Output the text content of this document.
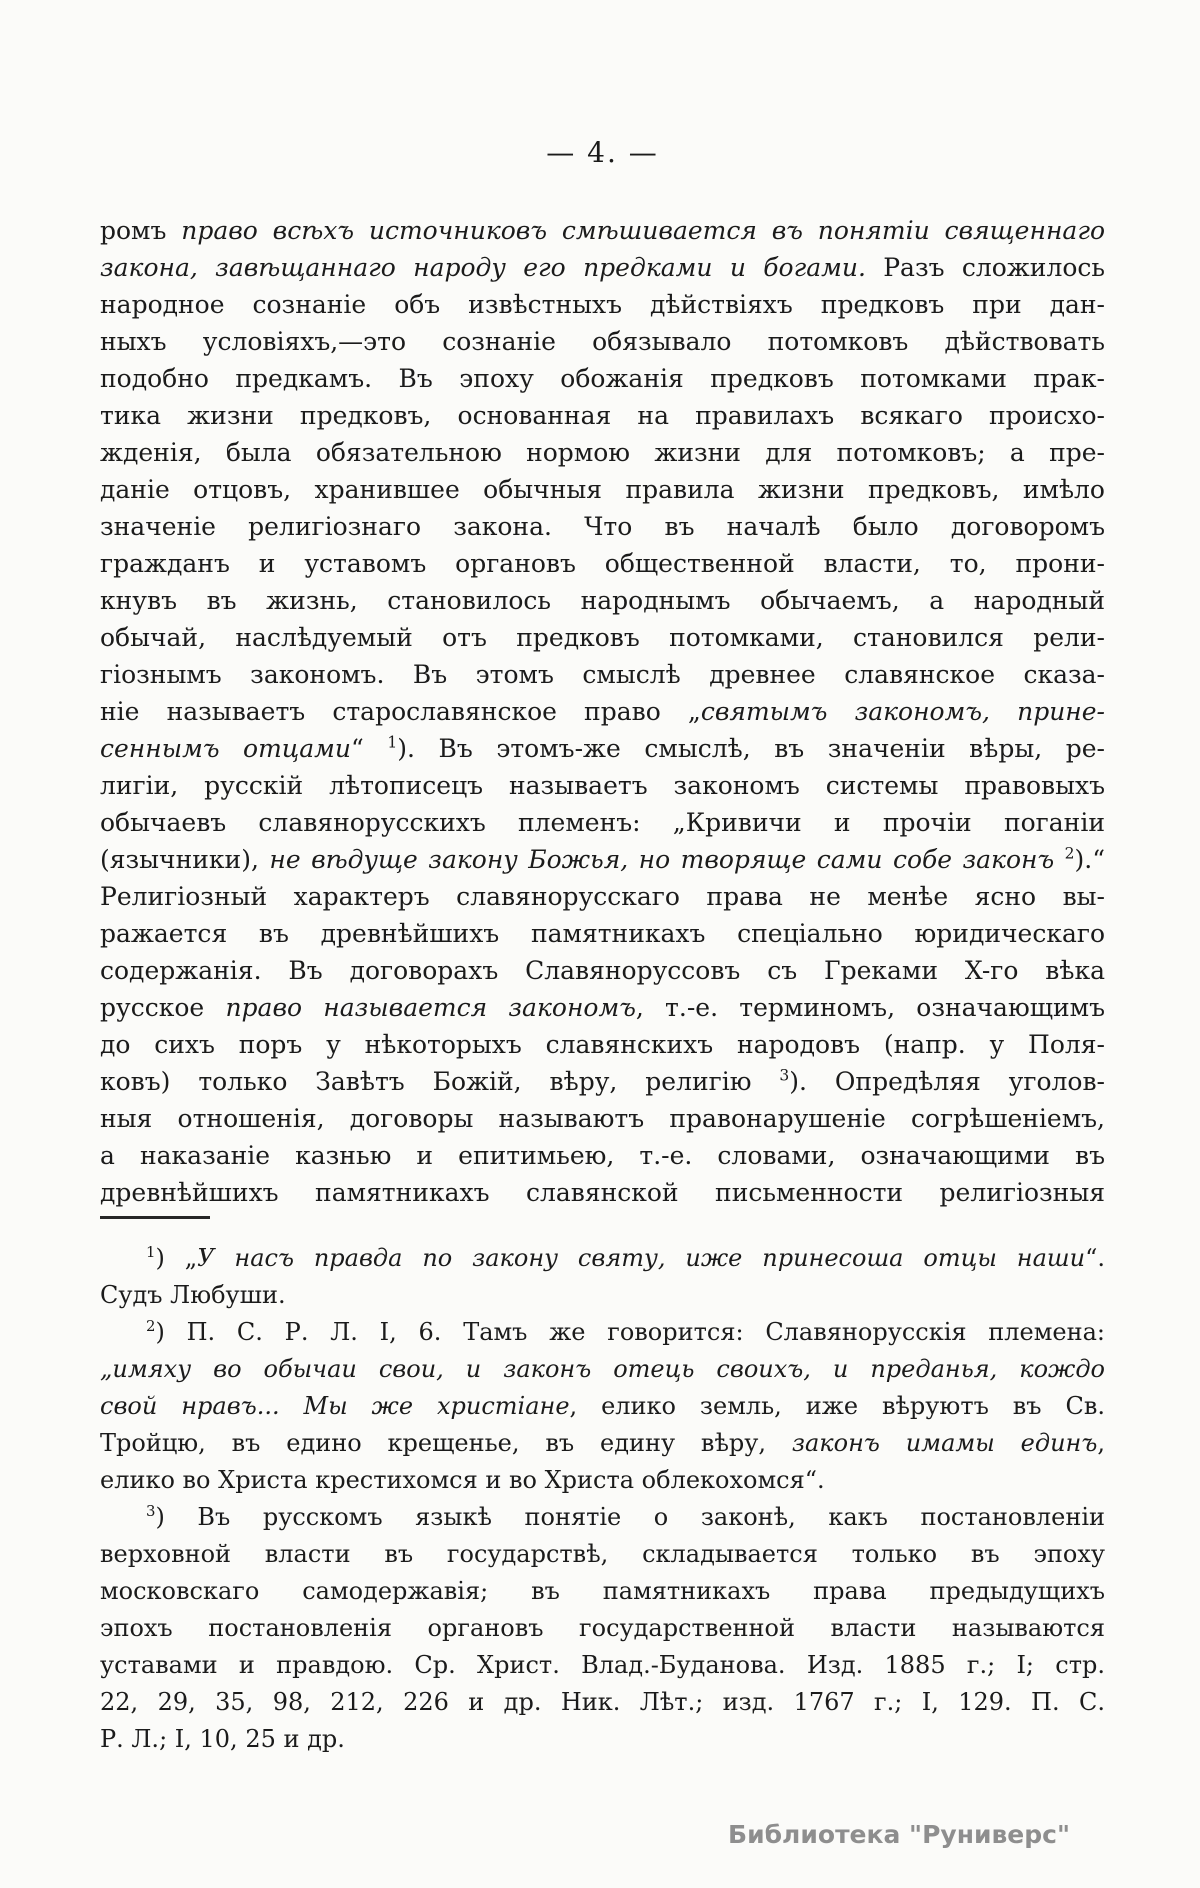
— 4. —
ромъ право всѣхъ источниковъ смѣшивается въ понятіи священнаго
закона, завѣщаннаго народу его предками и богами. Разъ сложилось
народное сознаніе объ извѣстныхъ дѣйствіяхъ предковъ при дан-
ныхъ условіяхъ,—это сознаніе обязывало потомковъ дѣйствовать
подобно предкамъ. Въ эпоху обожанія предковъ потомками прак-
тика жизни предковъ, основанная на правилахъ всякаго происхо-
жденія, была обязательною нормою жизни для потомковъ; а пре-
даніе отцовъ, хранившее обычныя правила жизни предковъ, имѣло
значеніе религіознаго закона. Что въ началѣ было договоромъ
гражданъ и уставомъ органовъ общественной власти, то, прони-
кнувъ въ жизнь, становилось народнымъ обычаемъ, а народный
обычай, наслѣдуемый отъ предковъ потомками, становился рели-
гіознымъ закономъ. Въ этомъ смыслѣ древнее славянское сказа-
ніе называетъ старославянское право „святымъ закономъ, прине-
сеннымъ отцами“ $^1$). Въ этомъ-же смыслѣ, въ значеніи вѣры, ре-
лигіи, русскій лѣтописецъ называетъ закономъ системы правовыхъ
обычаевъ славянорусскихъ племенъ: „Кривичи и прочіи поганіи
(язычники), не вѣдуще закону Божья, но творяще сами собе законъ $^2$).“
Религіозный характеръ славянорусскаго права не менѣе ясно вы-
ражается въ древнѣйшихъ памятникахъ спеціально юридическаго
содержанія. Въ договорахъ Славяноруссовъ съ Греками X-го вѣка
русское право называется закономъ, т.-е. терминомъ, означающимъ
до сихъ поръ у нѣкоторыхъ славянскихъ народовъ (напр. у Поля-
ковъ) только Завѣтъ Божій, вѣру, религію $^3$). Опредѣляя уголов-
ныя отношенія, договоры называютъ правонарушеніе согрѣшеніемъ,
а наказаніе казнью и епитимьею, т.-е. словами, означающими въ
древнѣйшихъ памятникахъ славянской письменности религіозныя
$^1$) „У насъ правда по закону святу, иже принесоша отцы наши“.
Судъ Любуши.
$^2$) П. С. Р. Л. I, 6. Тамъ же говорится: Славянорусскія племена:
„имяху во обычаи свои, и законъ отець своихъ, и преданья, кождо
свой нравъ... Мы же христіане, елико земль, иже вѣруютъ въ Св.
Тройцю, въ едино крещенье, въ едину вѣру, законъ имамы единъ,
елико во Христа крестихомся и во Христа облекохомся“.
$^3$) Въ русскомъ языкѣ понятіе о законѣ, какъ постановленіи
верховной власти въ государствѣ, складывается только въ эпоху
московскаго самодержавія; въ памятникахъ права предыдущихъ
эпохъ постановленія органовъ государственной власти называются
уставами и правдою. Ср. Христ. Влад.-Буданова. Изд. 1885 г.; I; стр.
22, 29, 35, 98, 212, 226 и др. Ник. Лѣт.; изд. 1767 г.; I, 129. П. С.
Р. Л.; I, 10, 25 и др.
Библиотека "Руниверс"
